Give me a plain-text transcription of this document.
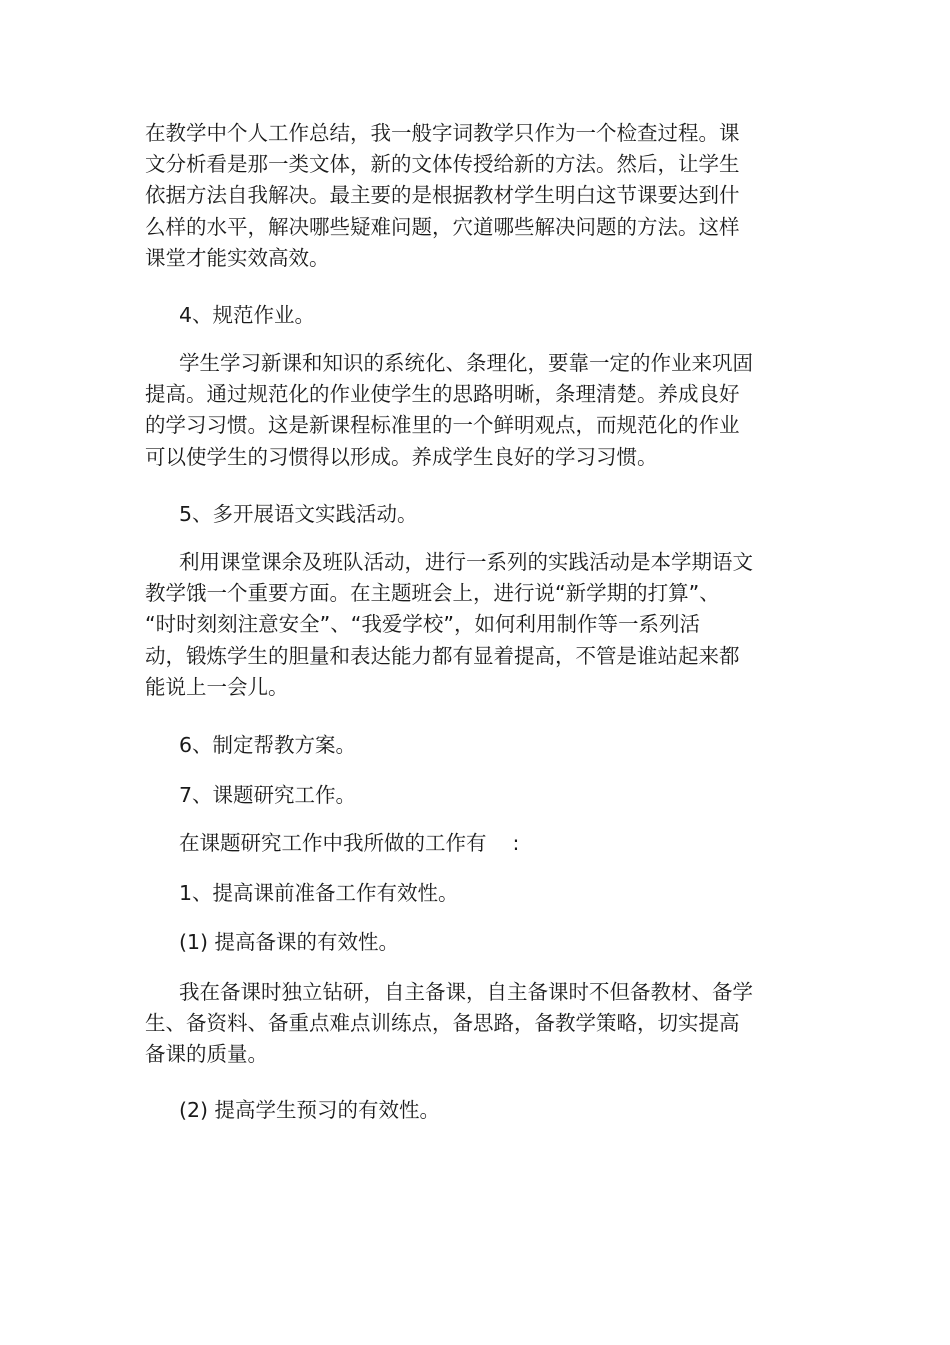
在教学中个人工作总结，我一般字词教学只作为一个检查过程。课
文分析看是那一类文体，新的文体传授给新的方法。然后，让学生
依据方法自我解决。最主要的是根据教材学生明白这节课要达到什
么样的水平，解决哪些疑难问题，穴道哪些解决问题的方法。这样
课堂才能实效高效。
4、规范作业。
学生学习新课和知识的系统化、条理化，要靠一定的作业来巩固
提高。通过规范化的作业使学生的思路明晰，条理清楚。养成良好
的学习习惯。这是新课程标准里的一个鲜明观点，而规范化的作业
可以使学生的习惯得以形成。养成学生良好的学习习惯。
5、多开展语文实践活动。
利用课堂课余及班队活动，进行一系列的实践活动是本学期语文
教学饿一个重要方面。在主题班会上，进行说“新学期的打算”、
“时时刻刻注意安全”、“我爱学校”，如何利用制作等一系列活
动，锻炼学生的胆量和表达能力都有显着提高，不管是谁站起来都
能说上一会儿。
6、制定帮教方案。
7、课题研究工作。
在课题研究工作中我所做的工作有 :
1、提高课前准备工作有效性。
(1) 提高备课的有效性。
我在备课时独立钻研，自主备课，自主备课时不但备教材、备学
生、备资料、备重点难点训练点，备思路，备教学策略，切实提高
备课的质量。
(2) 提高学生预习的有效性。
